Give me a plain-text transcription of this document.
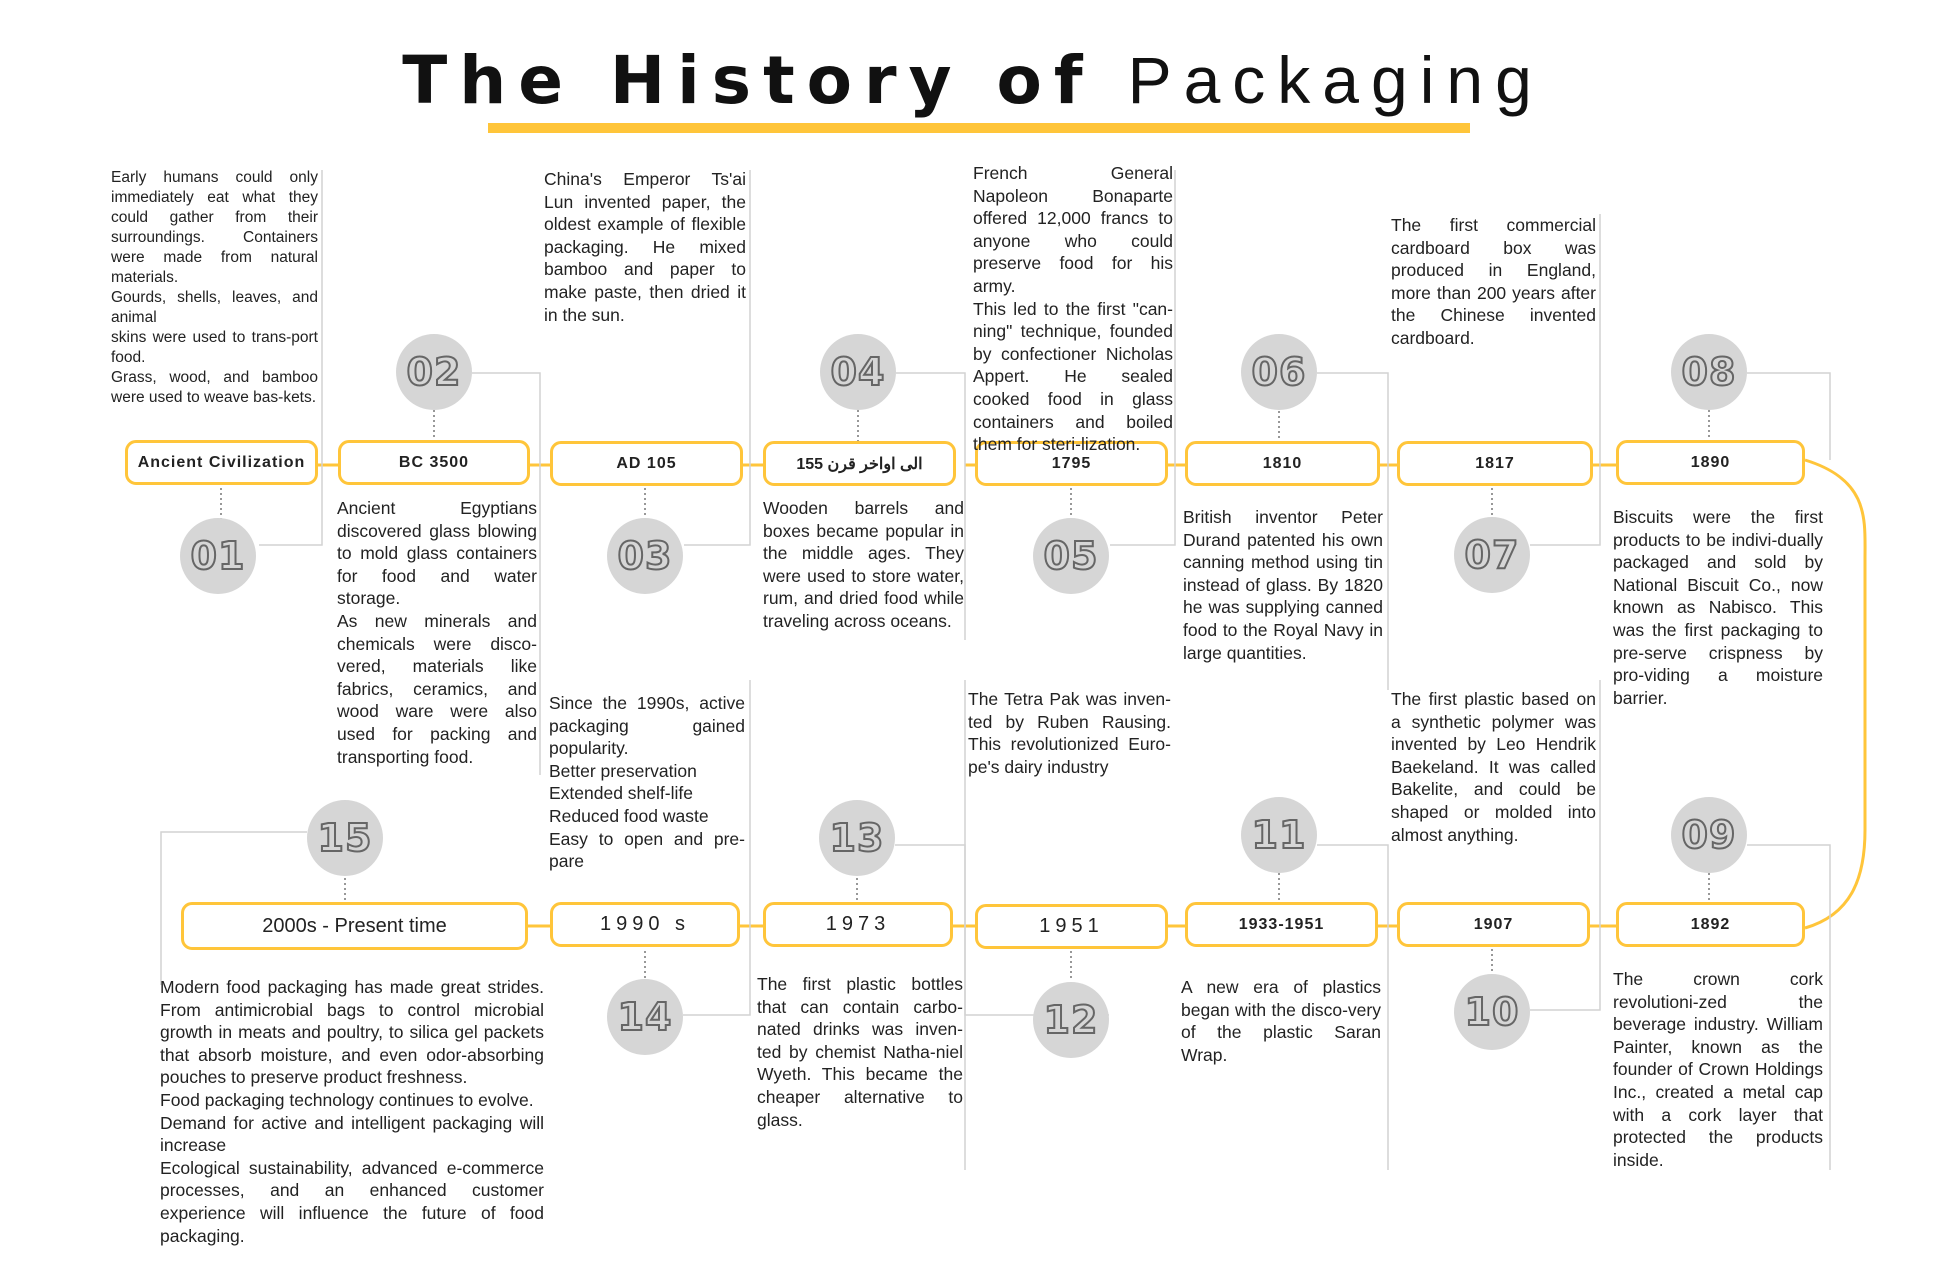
The History of Packaging
Ancient Civilization	BC 3500	AD 105	15الی اواخر قرن 5	1795	1810	1817	1890
2000s - Present time	1990 s	1973	1951	1933-1951	1907	1892
01
02
03
04
05
06
07
08
15
14
13
12
11
10
09
Early humans could only immediately eat what they could gather from their surroundings. Containers were made from natural materials.
Gourds, shells, leaves, and animal
skins were used to trans-port food.
Grass, wood, and bamboo were used to weave bas-kets.
Ancient Egyptians discovered glass blowing to mold glass containers for food and water storage.
As new minerals and chemicals were disco-vered, materials like fabrics, ceramics, and wood ware were also used for packing and transporting food.
China's Emperor Ts'ai Lun invented paper, the oldest example of flexible packaging. He mixed bamboo and paper to make paste, then dried it in the sun.
Wooden barrels and boxes became popular in the middle ages. They were used to store water, rum, and dried food while traveling across oceans.
French General Napoleon Bonaparte offered 12,000 francs to anyone who could preserve food for his army.
This led to the first "can-ning" technique, founded by confectioner Nicholas Appert. He sealed cooked food in glass containers and boiled them for steri-lization.
British inventor Peter Durand patented his own canning method using tin instead of glass. By 1820 he was supplying canned food to the Royal Navy in large quantities.
The first commercial cardboard box was produced in England, more than 200 years after the Chinese invented cardboard.
Biscuits were the first products to be indivi-dually packaged and sold by National Biscuit Co., now known as Nabisco. This was the first packaging to pre-serve crispness by pro-viding a moisture barrier.
The crown cork revolutioni-zed the beverage industry. William Painter, known as the founder of Crown Holdings Inc., created a metal cap with a cork layer that protected the products inside.
The first plastic based on a synthetic polymer was invented by Leo Hendrik Baekeland. It was called Bakelite, and could be shaped or molded into almost anything.
A new era of plastics began with the disco-very of the plastic Saran Wrap.
The Tetra Pak was inven-ted by Ruben Rausing. This revolutionized Euro-pe's dairy industry
The first plastic bottles that can contain carbo-nated drinks was inven-ted by chemist Natha-niel Wyeth. This became the cheaper alternative to glass.
Since the 1990s, active packaging gained popularity.
Better preservation
Extended shelf-life
Reduced food waste
Easy to open and pre-pare
Modern food packaging has made great strides. From antimicrobial bags to control microbial growth in meats and poultry, to silica gel packets that absorb moisture, and even odor-absorbing pouches to preserve product freshness.
Food packaging technology continues to evolve.
Demand for active and intelligent packaging will increase
Ecological sustainability, advanced e-commerce processes, and an enhanced customer experience will influence the future of food packaging.
